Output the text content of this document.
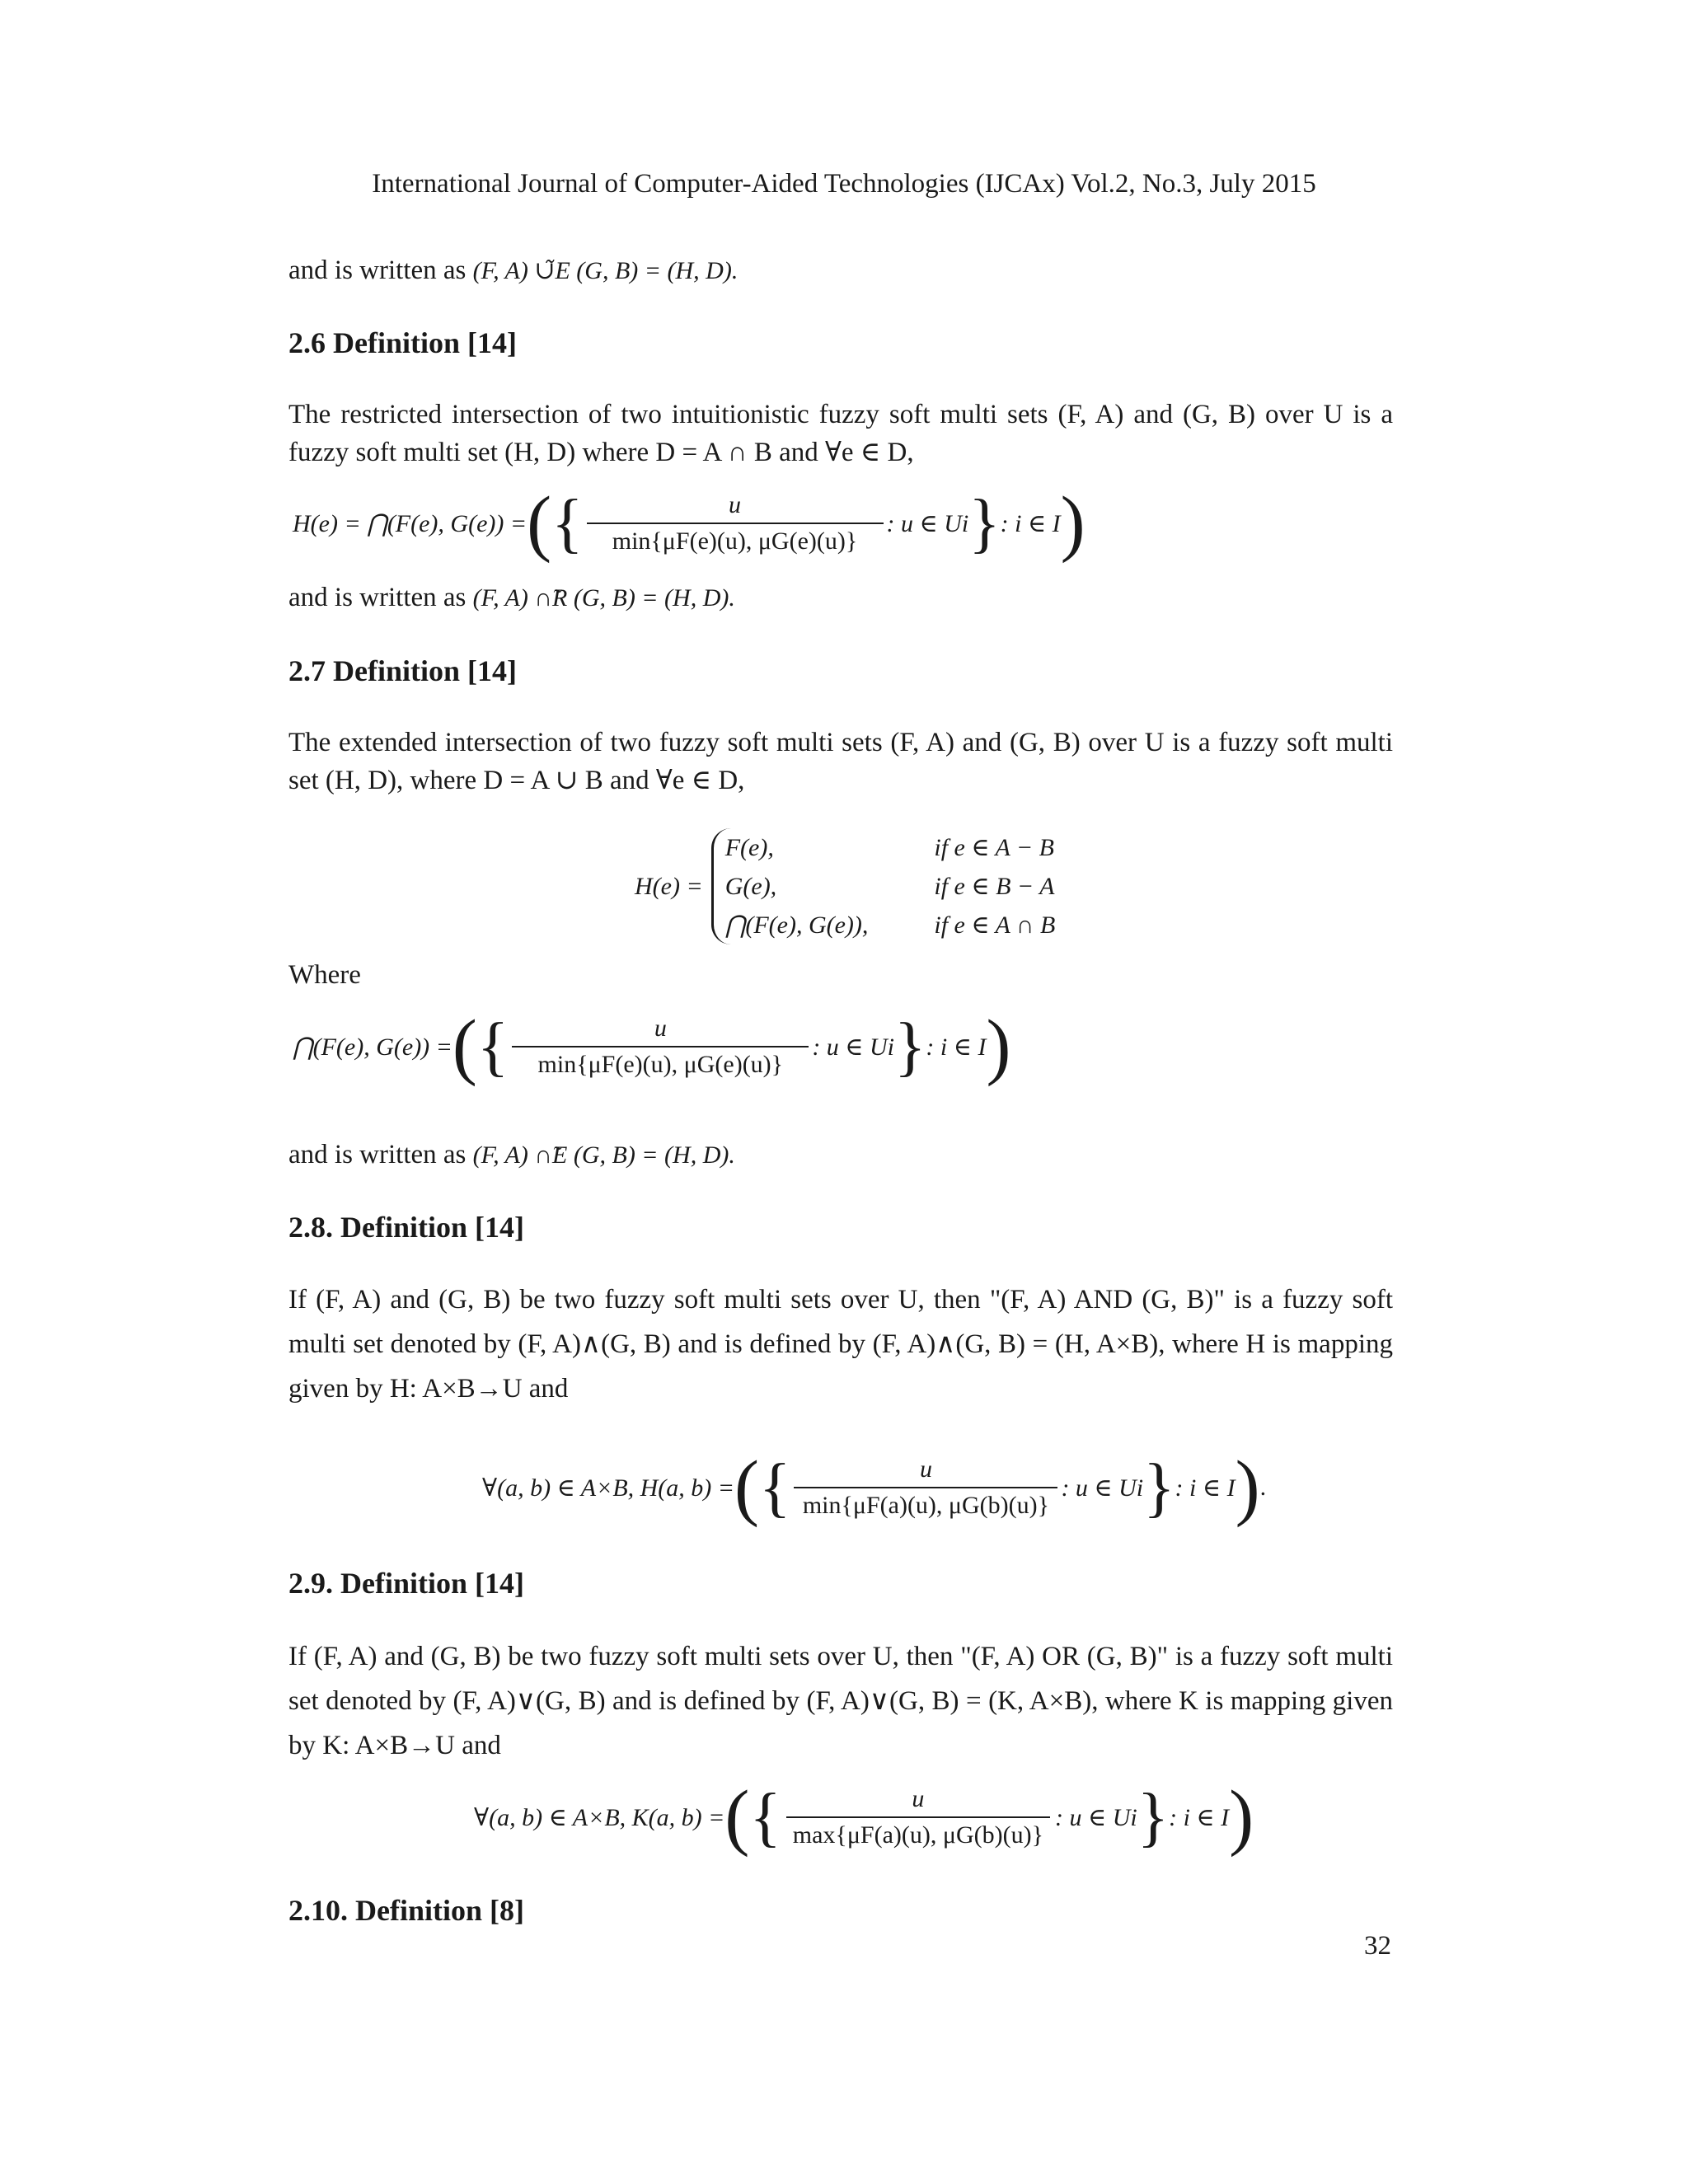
International Journal of Computer-Aided Technologies (IJCAx) Vol.2, No.3, July 2015
and is written as (F, A) ∪̃E (G, B) = (H, D).
2.6 Definition [14]
The restricted intersection of two intuitionistic fuzzy soft multi sets (F, A) and (G, B) over U is a fuzzy soft multi set (H, D) where D = A ∩ B and ∀e ∈ D,
H(e) = ⋂(F(e), G(e)) = ( { $\frac{u}{\min\{\mu F(e)(u), \mu G(e)(u)\}}$ : u ∈ Ui } : i ∈ I )
and is written as (F, A) ∩̃R (G, B) = (H, D).
2.7 Definition [14]
The extended intersection of two fuzzy soft multi sets (F, A) and (G, B) over U is a fuzzy soft multi set (H, D), where D = A ∪ B and ∀e ∈ D,
H(e) =
F(e),	if e ∈ A − B
G(e),	if e ∈ B − A
⋂(F(e), G(e)),	if e ∈ A ∩ B
Where
⋂(F(e), G(e)) = ( { $\frac{u}{\min\{\mu F(e)(u), \mu G(e)(u)\}}$ : u ∈ Ui } : i ∈ I )
and is written as (F, A) ∩̃E (G, B) = (H, D).
2.8. Definition [14]
If (F, A) and (G, B) be two fuzzy soft multi sets over U, then "(F, A) AND (G, B)" is a fuzzy soft multi set denoted by (F, A)∧(G, B) and is defined by (F, A)∧(G, B) = (H, A×B), where H is mapping given by H: A×B→U and
∀(a, b) ∈ A×B, H(a, b) = ( { $\frac{u}{\min\{\mu F(a)(u), \mu G(b)(u)\}}$ : u ∈ Ui } : i ∈ I ) .
2.9. Definition [14]
If (F, A) and (G, B) be two fuzzy soft multi sets over U, then "(F, A) OR (G, B)" is a fuzzy soft multi set denoted by (F, A)∨(G, B) and is defined by (F, A)∨(G, B) = (K, A×B), where K is mapping given by K: A×B→U and
∀(a, b) ∈ A×B, K(a, b) = ( { $\frac{u}{\max\{\mu F(a)(u), \mu G(b)(u)\}}$ : u ∈ Ui } : i ∈ I )
2.10. Definition [8]
32
